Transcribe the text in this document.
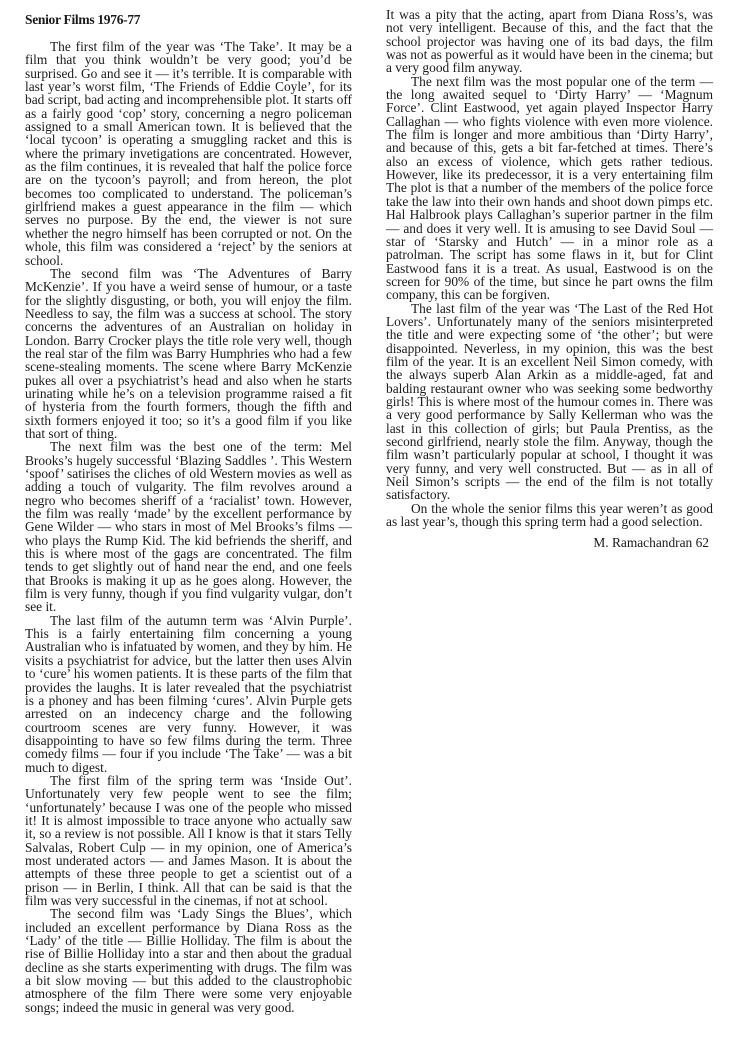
Senior Films 1976-77

The first film of the year was ‘The Take’. It may be a film that you think wouldn’t be very good; you’d be surprised. Go and see it — it’s terrible. It is comparable with last year’s worst film, ‘The Friends of Eddie Coyle’, for its bad script, bad acting and incomprehensible plot. It starts off as a fairly good ‘cop’ story, concerning a negro policeman assigned to a small American town. It is believed that the ‘local tycoon’ is operating a smuggling racket and this is where the primary invetigations are concentrated. However, as the film continues, it is revealed that half the police force are on the tycoon’s payroll; and from hereon, the plot becomes too complicated to understand. The policeman’s girlfriend makes a guest appearance in the film — which serves no purpose. By the end, the viewer is not sure whether the negro himself has been corrupted or not. On the whole, this film was considered a ‘reject’ by the seniors at school.

The second film was ‘The Adventures of Barry McKenzie’. If you have a weird sense of humour, or a taste for the slightly disgusting, or both, you will enjoy the film. Needless to say, the film was a success at school. The story concerns the adventures of an Australian on holiday in London. Barry Crocker plays the title role very well, though the real star of the film was Barry Humphries who had a few scene-stealing moments. The scene where Barry McKenzie pukes all over a psychiatrist’s head and also when he starts urinating while he’s on a television programme raised a fit of hysteria from the fourth formers, though the fifth and sixth formers enjoyed it too; so it’s a good film if you like that sort of thing.

The next film was the best one of the term: Mel Brooks’s hugely successful ‘Blazing Saddles ’. This Western ‘spoof’ satirises the cliches of old Western movies as well as adding a touch of vulgarity. The film revolves around a negro who becomes sheriff of a ‘racialist’ town. However, the film was really ‘made’ by the excellent performance by Gene Wilder — who stars in most of Mel Brooks’s films — who plays the Rump Kid. The kid befriends the sheriff, and this is where most of the gags are concentrated. The film tends to get slightly out of hand near the end, and one feels that Brooks is making it up as he goes along. However, the film is very funny, though if you find vulgarity vulgar, don’t see it.

The last film of the autumn term was ‘Alvin Purple’. This is a fairly entertaining film concerning a young Australian who is infatuated by women, and they by him. He visits a psychiatrist for advice, but the latter then uses Alvin to ‘cure’ his women patients. It is these parts of the film that provides the laughs. It is later revealed that the psychiatrist is a phoney and has been filming ‘cures’. Alvin Purple gets arrested on an indecency charge and the following courtroom scenes are very funny. However, it was disappointing to have so few films during the term. Three comedy films — four if you include ‘The Take’ — was a bit much to digest.

The first film of the spring term was ‘Inside Out’. Unfortunately very few people went to see the film; ‘unfortunately’ because I was one of the people who missed it! It is almost impossible to trace anyone who actually saw it, so a review is not possible. All I know is that it stars Telly Salvalas, Robert Culp — in my opinion, one of America’s most underated actors — and James Mason. It is about the attempts of these three people to get a scientist out of a prison — in Berlin, I think. All that can be said is that the film was very successful in the cinemas, if not at school.

The second film was ‘Lady Sings the Blues’, which included an excellent performance by Diana Ross as the ‘Lady’ of the title — Billie Holliday. The film is about the rise of Billie Holliday into a star and then about the gradual decline as she starts experimenting with drugs. The film was a bit slow moving — but this added to the claustrophobic atmosphere of the film There were some very enjoyable songs; indeed the music in general was very good.

It was a pity that the acting, apart from Diana Ross’s, was not very intelligent. Because of this, and the fact that the school projector was having one of its bad days, the film was not as powerful as it would have been in the cinema; but a very good film anyway.

The next film was the most popular one of the term — the long awaited sequel to ‘Dirty Harry’ — ‘Magnum Force’. Clint Eastwood, yet again played Inspector Harry Callaghan — who fights violence with even more violence. The film is longer and more ambitious than ‘Dirty Harry’, and because of this, gets a bit far-fetched at times. There’s also an excess of violence, which gets rather tedious. However, like its predecessor, it is a very entertaining film The plot is that a number of the members of the police force take the law into their own hands and shoot down pimps etc. Hal Halbrook plays Callaghan’s superior partner in the film — and does it very well. It is amusing to see David Soul — star of ‘Starsky and Hutch’ — in a minor role as a patrolman. The script has some flaws in it, but for Clint Eastwood fans it is a treat. As usual, Eastwood is on the screen for 90% of the time, but since he part owns the film company, this can be forgiven.

The last film of the year was ‘The Last of the Red Hot Lovers’. Unfortunately many of the seniors misinterpreted the title and were expecting some of ‘the other’; but were disappointed. Neverless, in my opinion, this was the best film of the year. It is an excellent Neil Simon comedy, with the always superb Alan Arkin as a middle-aged, fat and balding restaurant owner who was seeking some bedworthy girls! This is where most of the humour comes in. There was a very good performance by Sally Kellerman who was the last in this collection of girls; but Paula Prentiss, as the second girlfriend, nearly stole the film. Anyway, though the film wasn’t particularly popular at school, I thought it was very funny, and very well constructed. But — as in all of Neil Simon’s scripts — the end of the film is not totally satisfactory.

On the whole the senior films this year weren’t as good as last year’s, though this spring term had a good selection.

M. Ramachandran 62
